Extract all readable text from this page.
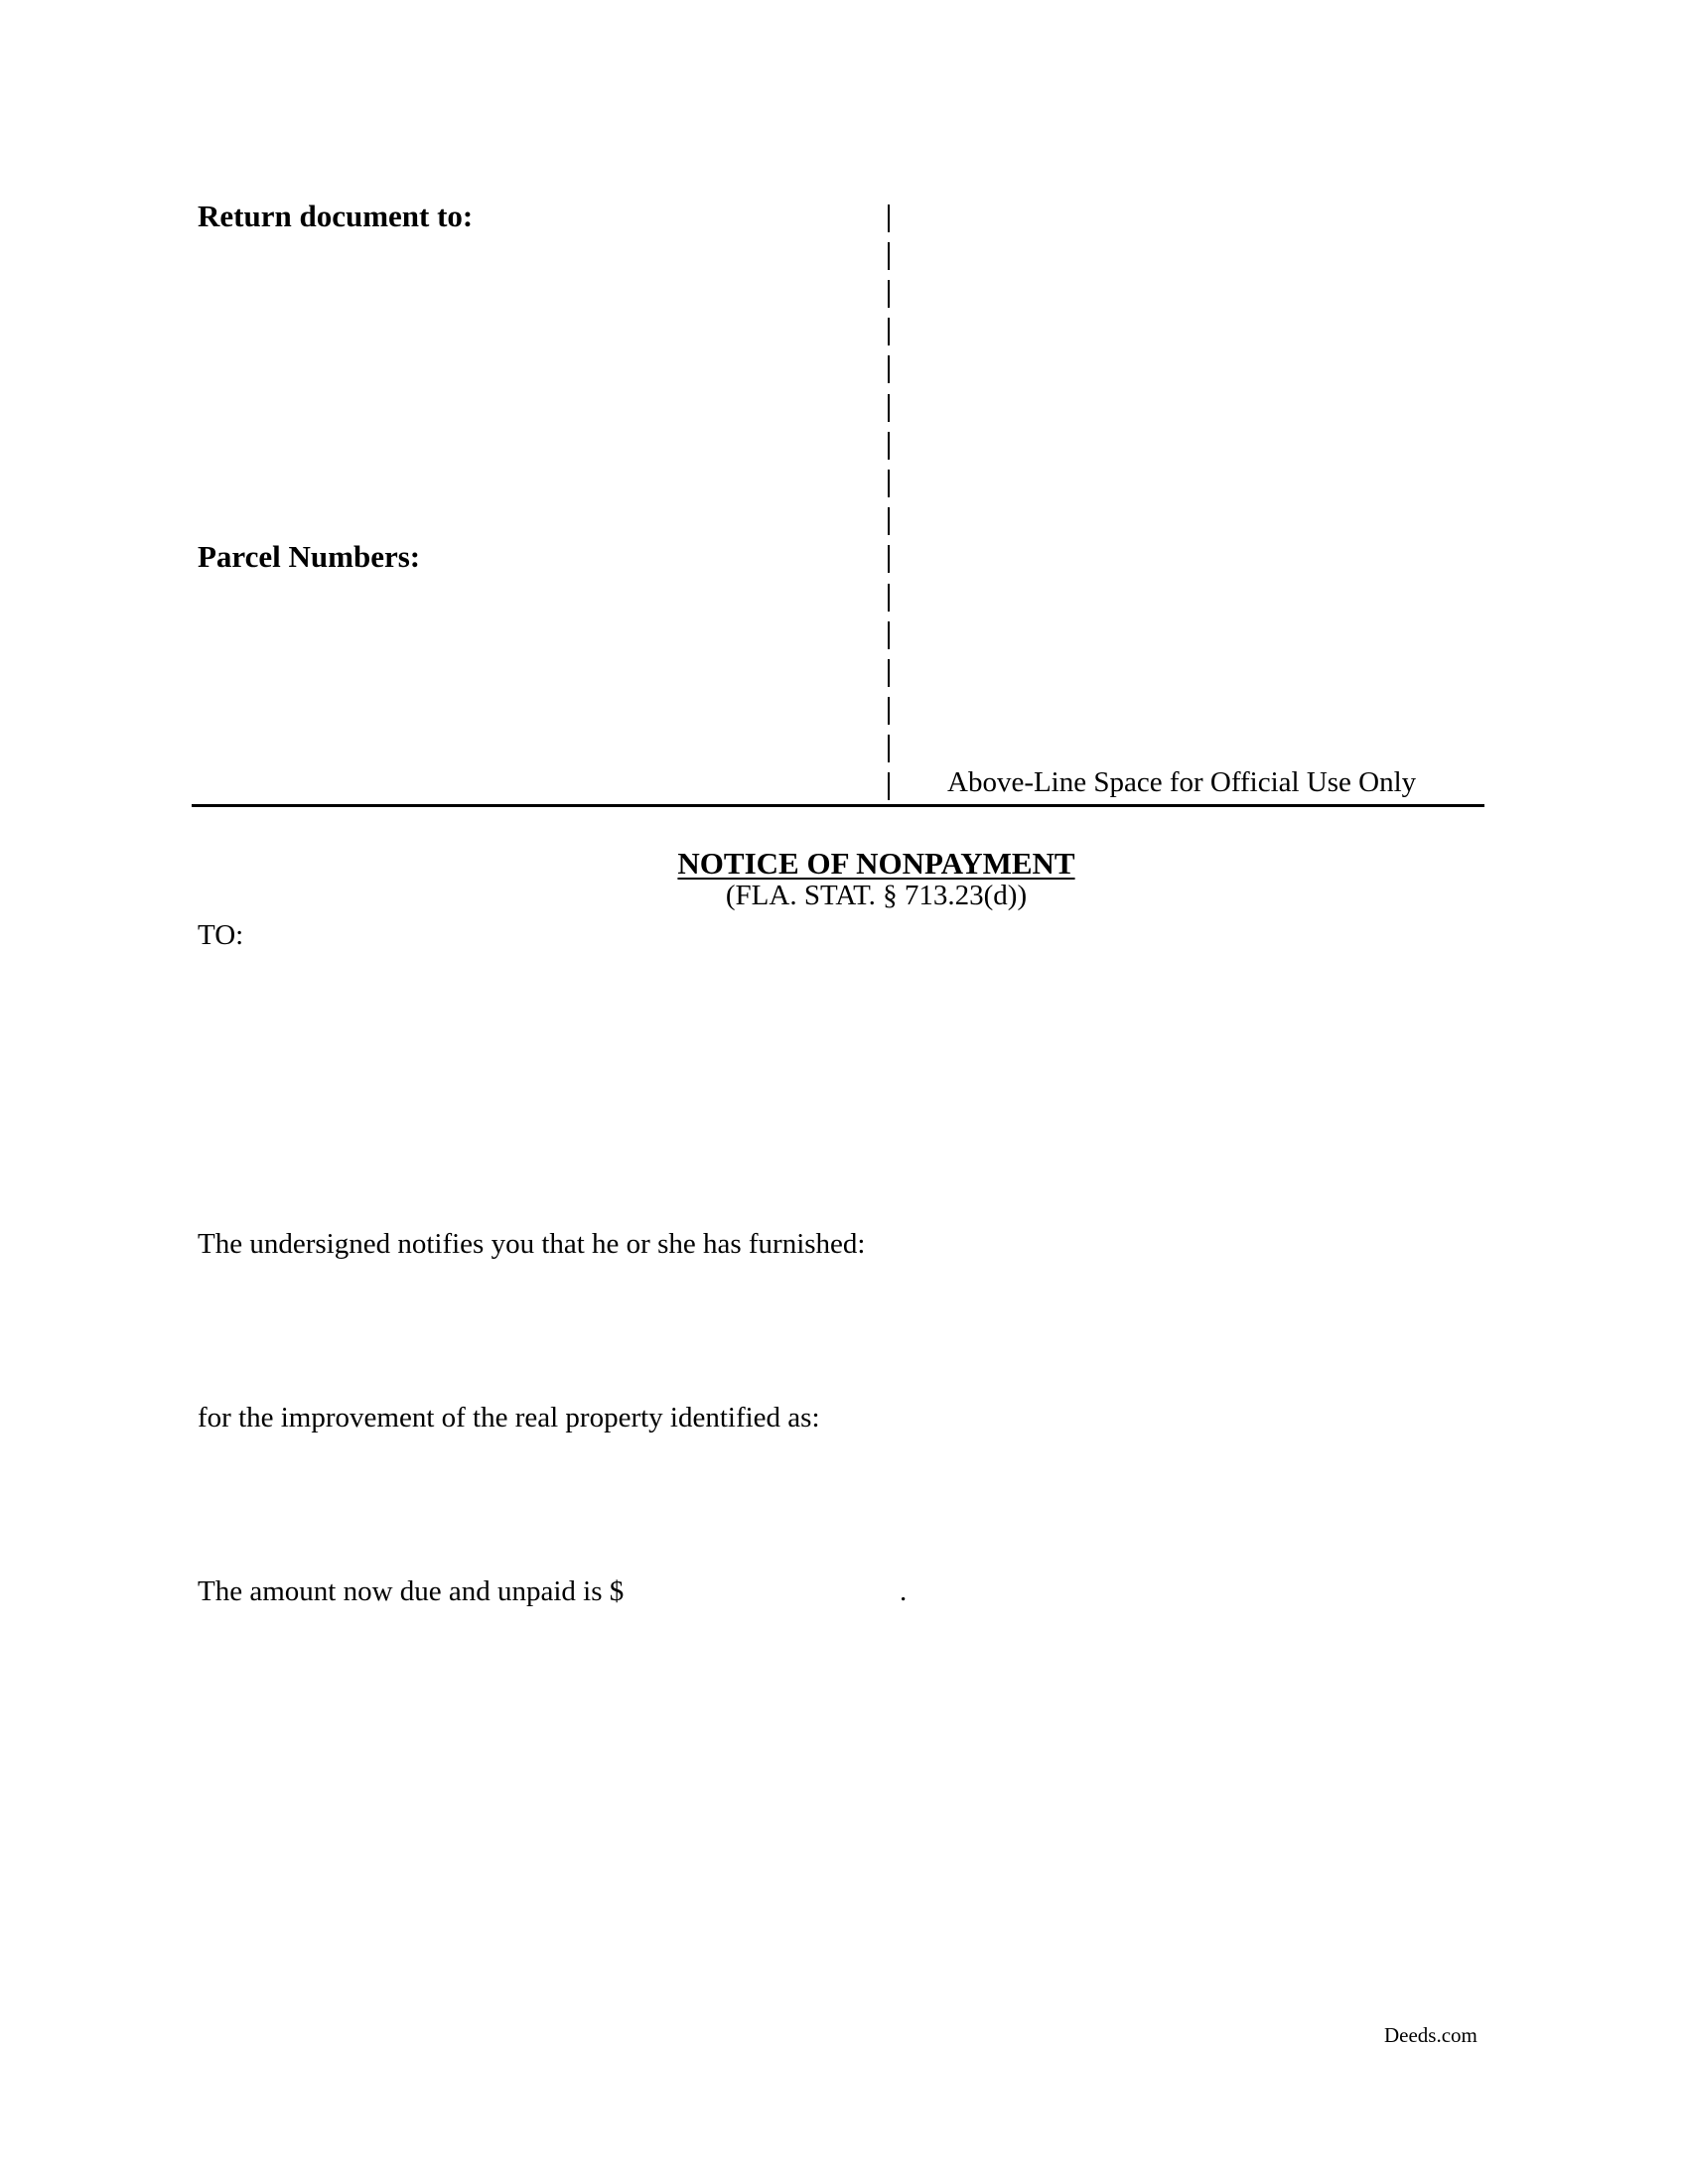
Return document to:
Parcel Numbers:
Above-Line Space for Official Use Only
NOTICE OF NONPAYMENT
(FLA. STAT. § 713.23(d))
TO:
The undersigned notifies you that he or she has furnished:
for the improvement of the real property identified as:
The amount now due and unpaid is $	.
Deeds.com
